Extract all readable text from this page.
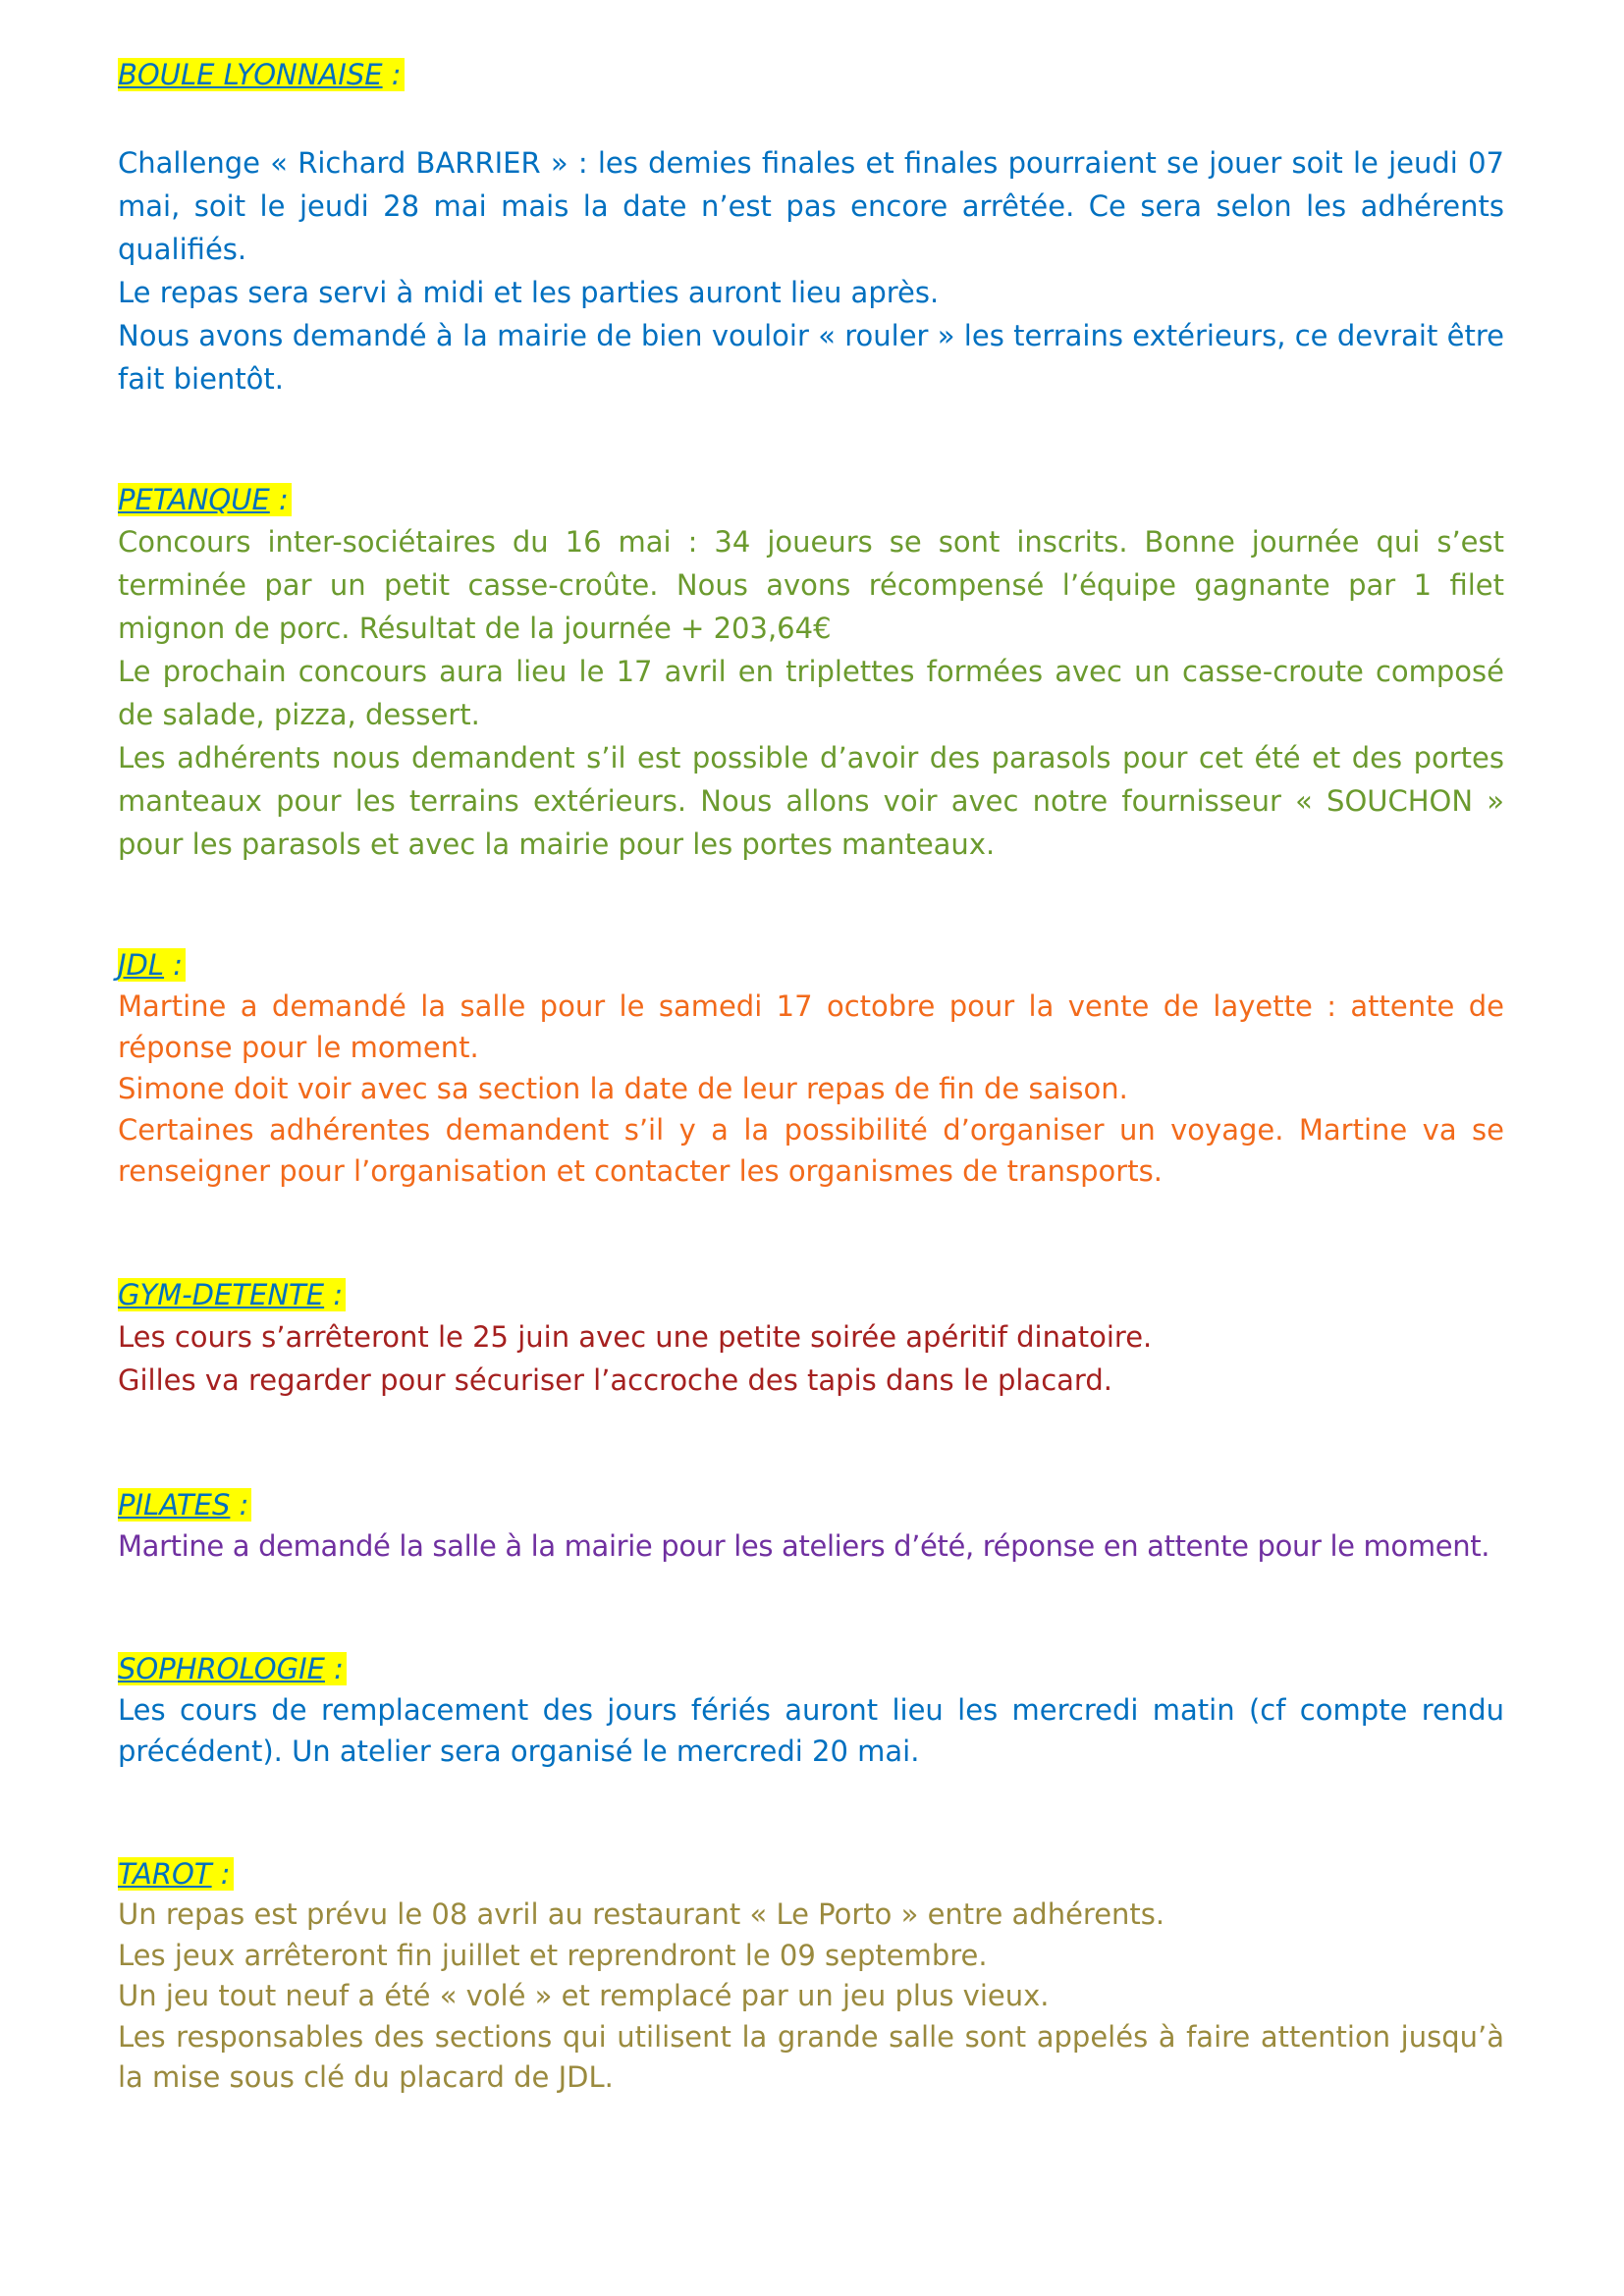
BOULE LYONNAISE :

Challenge « Richard BARRIER » : les demies finales et finales pourraient se jouer soit le jeudi 07 mai, soit le jeudi 28 mai mais la date n’est pas encore arrêtée. Ce sera selon les adhérents qualifiés.

Le repas sera servi à midi et les parties auront lieu après.

Nous avons demandé à la mairie de bien vouloir « rouler » les terrains extérieurs, ce devrait être fait bientôt.

PETANQUE :

Concours inter-sociétaires du 16 mai : 34 joueurs se sont inscrits. Bonne journée qui s’est terminée par un petit casse-croûte. Nous avons récompensé l’équipe gagnante par 1 filet mignon de porc. Résultat de la journée + 203,64€

Le prochain concours aura lieu le 17 avril en triplettes formées avec un casse-croute composé de salade, pizza, dessert.

Les adhérents nous demandent s’il est possible d’avoir des parasols pour cet été et des portes manteaux pour les terrains extérieurs. Nous allons voir avec notre fournisseur « SOUCHON » pour les parasols et avec la mairie pour les portes manteaux.

JDL :

Martine a demandé la salle pour le samedi 17 octobre pour la vente de layette : attente de réponse pour le moment.

Simone doit voir avec sa section la date de leur repas de fin de saison.

Certaines adhérentes demandent s’il y a la possibilité d’organiser un voyage. Martine va se renseigner pour l’organisation et contacter les organismes de transports.

GYM-DETENTE :

Les cours s’arrêteront le 25 juin avec une petite soirée apéritif dinatoire.

Gilles va regarder pour sécuriser l’accroche des tapis dans le placard.

PILATES :

Martine a demandé la salle à la mairie pour les ateliers d’été, réponse en attente pour le moment.

SOPHROLOGIE :

Les cours de remplacement des jours fériés auront lieu les mercredi matin (cf compte rendu précédent). Un atelier sera organisé le mercredi 20 mai.

TAROT :

Un repas est prévu le 08 avril au restaurant « Le Porto » entre adhérents.

Les jeux arrêteront fin juillet et reprendront le 09 septembre.

Un jeu tout neuf a été « volé » et remplacé par un jeu plus vieux.

Les responsables des sections qui utilisent la grande salle sont appelés à faire attention jusqu’à la mise sous clé du placard de JDL.
